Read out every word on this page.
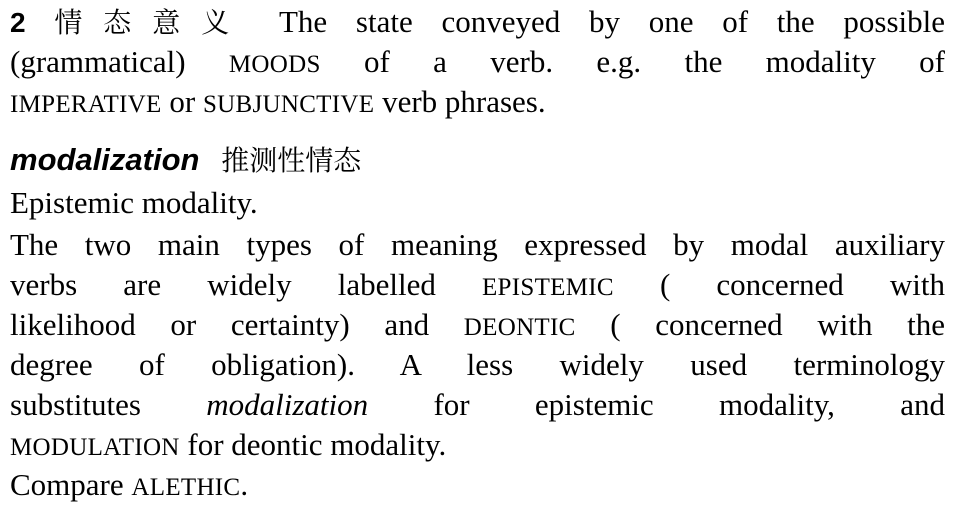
2 情态意义 The state conveyed by one of the possible
(grammatical) MOODS of a verb. e.g. the modality of
IMPERATIVE or SUBJUNCTIVE verb phrases.
modalization 推测性情态
Epistemic modality.
The two main types of meaning expressed by modal auxiliary
verbs are widely labelled EPISTEMIC ( concerned with
likelihood or certainty) and DEONTIC ( concerned with the
degree of obligation). A less widely used terminology
substitutes modalization for epistemic modality, and
MODULATION for deontic modality.
Compare ALETHIC.
